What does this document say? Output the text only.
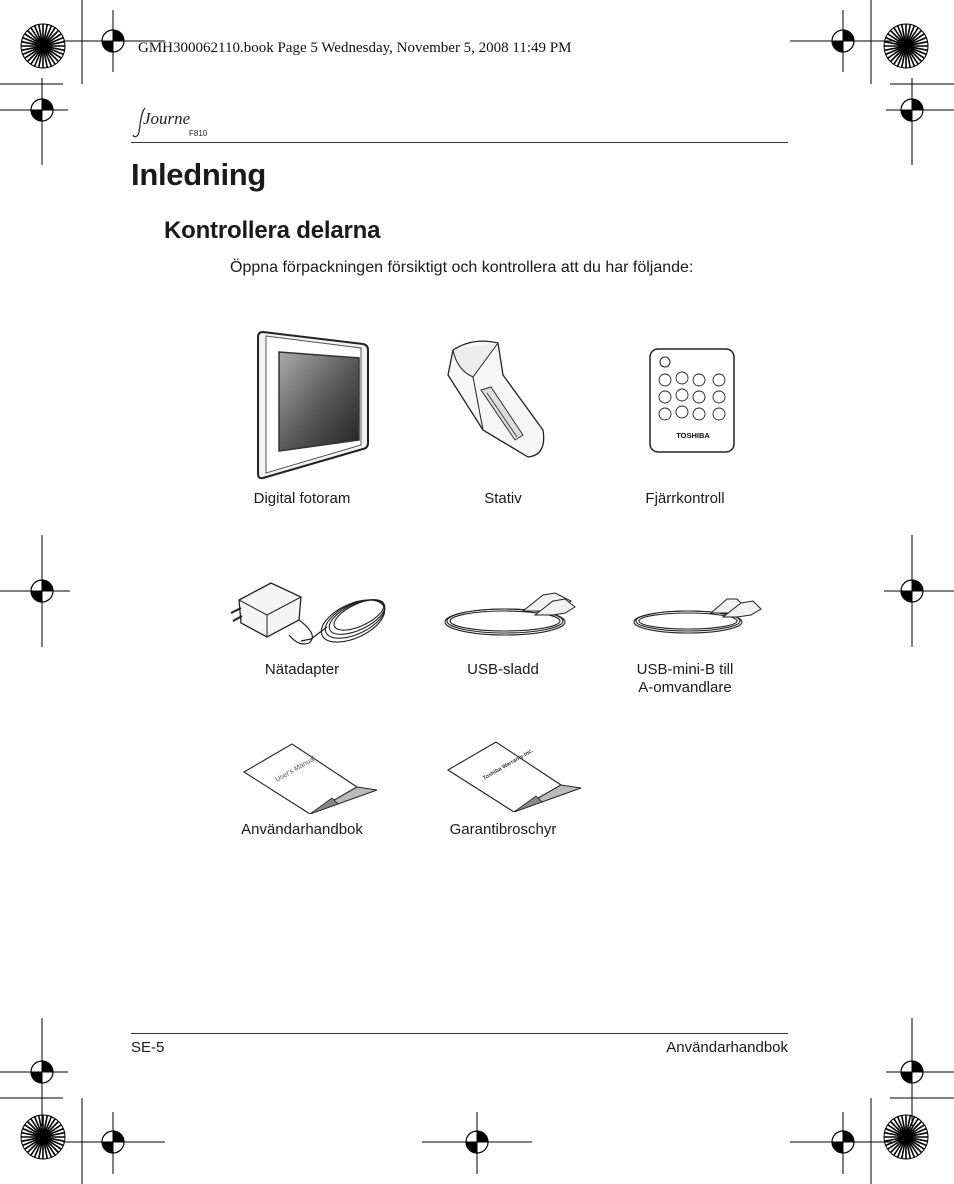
GMH300062110.book Page 5 Wednesday, November 5, 2008 11:49 PM
Journe
F810
Inledning
Kontrollera delarna
Öppna förpackningen försiktigt och kontrollera att du har följande:
Digital fotoram	Stativ
TOSHIBA
Fjärrkontroll
Nätadapter	USB-sladd	USB-mini-B till
A-omvandlare
User's Manual
Användarhandbok
Toshiba Warranty Inc.
Garantibroschyr
SE-5	Användarhandbok
